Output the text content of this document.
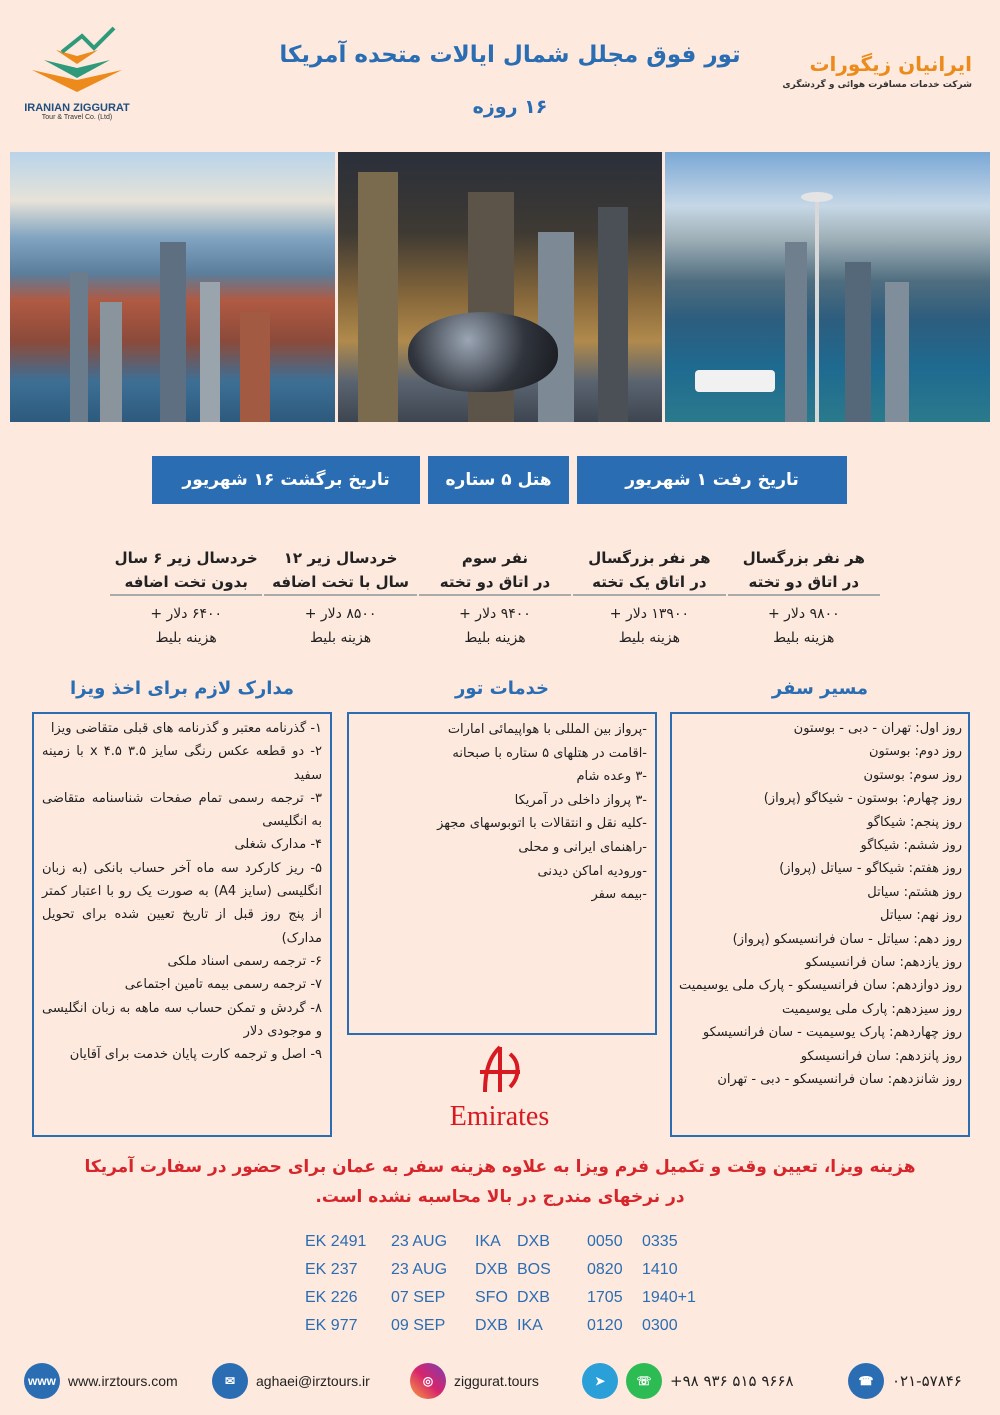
IRANIAN ZIGGURAT
Tour & Travel Co. (Ltd)
تور فوق مجلل شمال ایالات متحده آمریکا
۱۶ روزه
ایرانیان زیگورات
شرکت خدمات مسافرت هوائی و گردشگری
تاریخ رفت ۱ شهریور
هتل ۵ ستاره
تاریخ برگشت ۱۶ شهریور
هر نفر بزرگسال
در اتاق دو تخته
۹۸۰۰ دلار +
هزینه بلیط
هر نفر بزرگسال
در اتاق یک تخته
۱۳۹۰۰ دلار +
هزینه بلیط
نفر سوم
در اتاق دو تخته
۹۴۰۰ دلار +
هزینه بلیط
خردسال زیر ۱۲
سال با تخت اضافه
۸۵۰۰ دلار +
هزینه بلیط
خردسال زیر ۶ سال
بدون تخت اضافه
۶۴۰۰ دلار +
هزینه بلیط
مسیر سفر
خدمات تور
مدارک لازم برای اخذ ویزا
روز اول: تهران - دبی - بوستون
روز دوم: بوستون
روز سوم: بوستون
روز چهارم: بوستون - شیکاگو (پرواز)
روز پنجم: شیکاگو
روز ششم: شیکاگو
روز هفتم: شیکاگو - سیاتل (پرواز)
روز هشتم: سیاتل
روز نهم: سیاتل
روز دهم: سیاتل - سان فرانسیسکو (پرواز)
روز یازدهم: سان فرانسیسکو
روز دوازدهم: سان فرانسیسکو - پارک ملی یوسیمیت
روز سیزدهم: پارک ملی یوسیمیت
روز چهاردهم: پارک یوسیمیت - سان فرانسیسکو
روز پانزدهم: سان فرانسیسکو
روز شانزدهم: سان فرانسیسکو - دبی - تهران
-پرواز بین المللی با هواپیمائی امارات
-اقامت در هتلهای ۵ ستاره با صبحانه
-۳ وعده شام
-۳ پرواز داخلی در آمریکا
-کلیه نقل و انتقالات با اتوبوسهای مجهز
-راهنمای ایرانی و محلی
-ورودیه اماکن دیدنی
-بیمه سفر
۱- گذرنامه معتبر و گذرنامه های قبلی متقاضی ویزا
۲- دو قطعه عکس رنگی سایز ۳.۵ x ۴.۵ با زمینه سفید
۳- ترجمه رسمی تمام صفحات شناسنامه متقاضی به انگلیسی
۴- مدارک شغلی
۵- ریز کارکرد سه ماه آخر حساب بانکی (به زبان انگلیسی (سایز A4) به صورت یک رو با اعتبار کمتر از پنج روز قبل از تاریخ تعیین شده برای تحویل مدارک)
۶- ترجمه رسمی اسناد ملکی
۷- ترجمه رسمی بیمه تامین اجتماعی
۸- گردش و تمکن حساب سه ماهه به زبان انگلیسی و موجودی دلار
۹- اصل و ترجمه کارت پایان خدمت برای آقایان
Emirates
هزینه ویزا، تعیین وقت و تکمیل فرم ویزا به علاوه هزینه سفر به عمان برای حضور در سفارت آمریکا
در نرخهای مندرج در بالا محاسبه نشده است.
EK 2491	23 AUG	IKA	DXB	0050	0335
EK 237	23 AUG	DXB BOS	0820	1410
EK 226	07 SEP	SFO DXB	1705	1940+1
EK 977	09 SEP	DXB IKA	0120	0300
www www.irztours.com	✉	aghaei@irztours.ir	◎	ziggurat.tours	➤	☏	+۹۸ ۹۳۶ ۵۱۵ ۹۶۶۸	☎	۰۲۱-۵۷۸۴۶
